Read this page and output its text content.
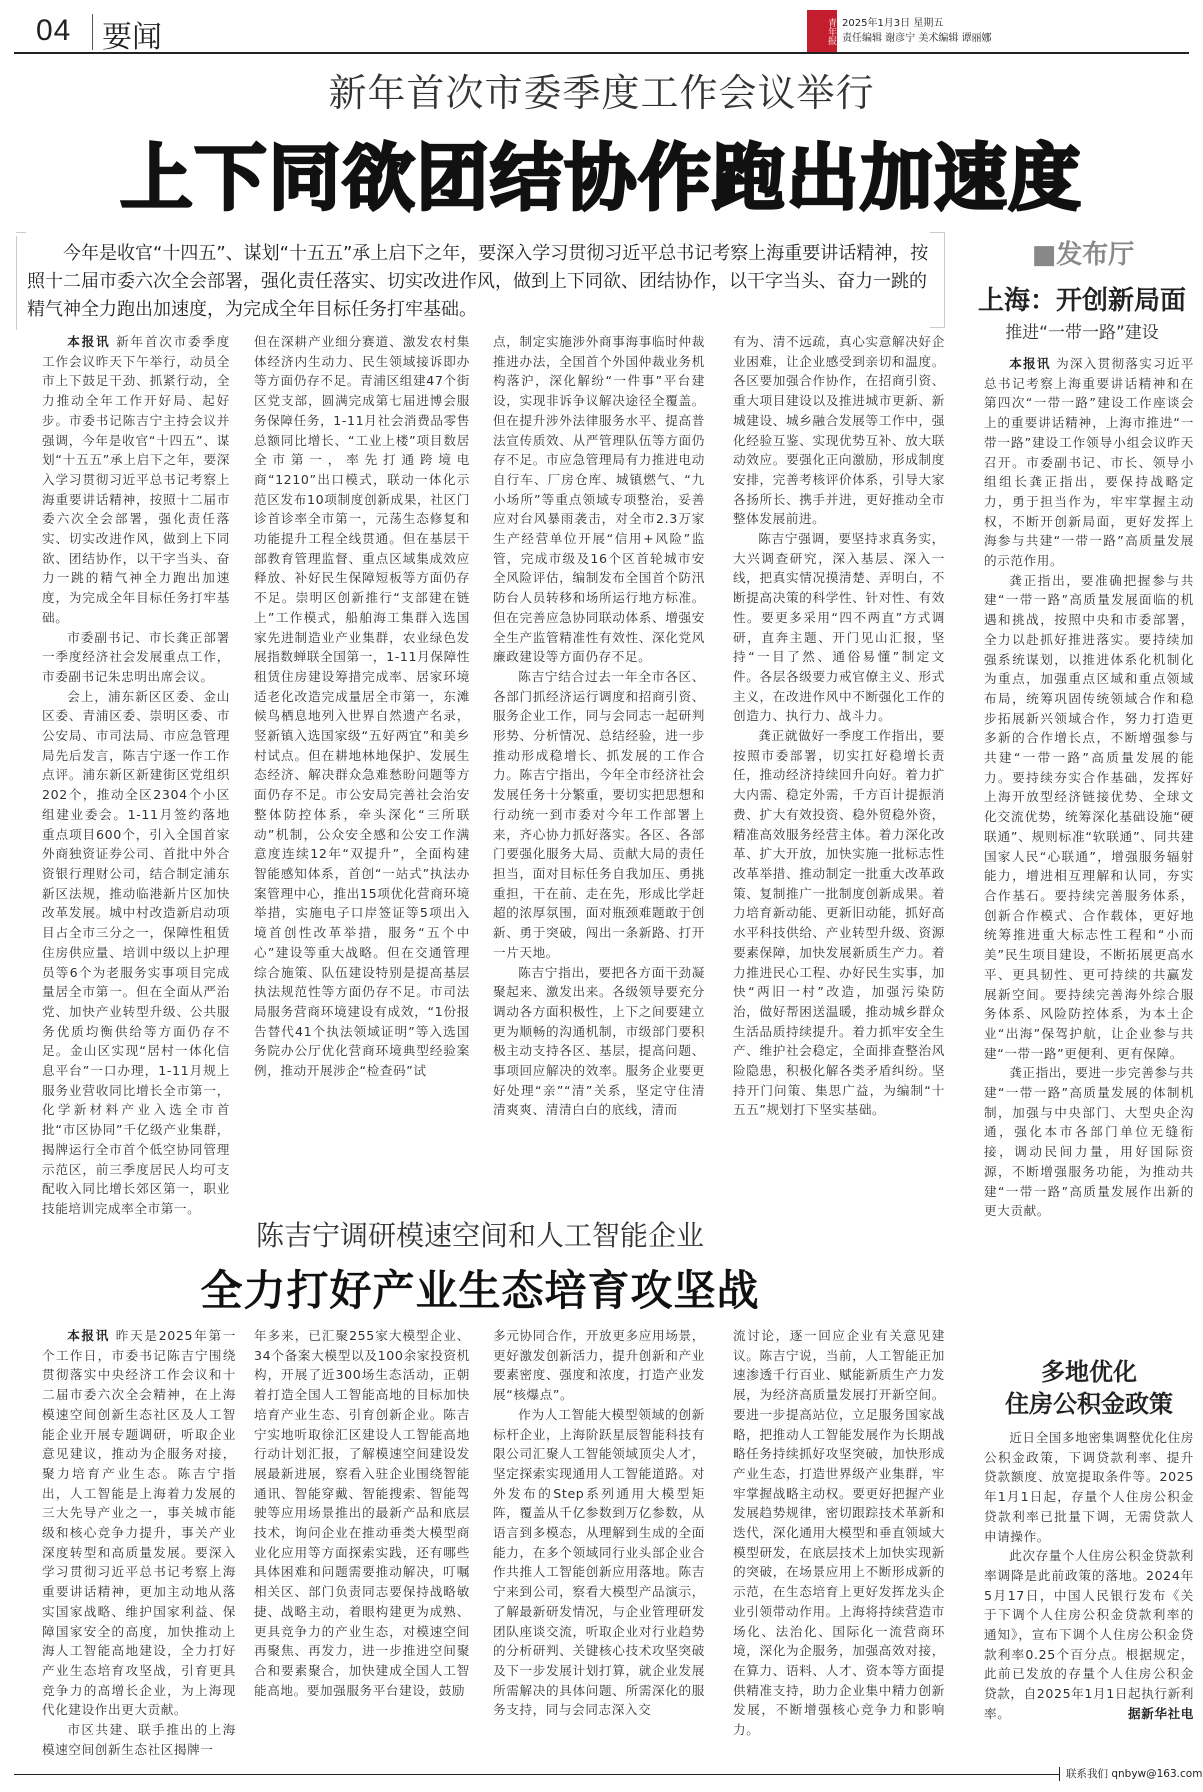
04 要闻	青年报 2025年1月3日 星期五
责任编辑 谢彦宁 美术编辑 谭丽娜
新年首次市委季度工作会议举行
上下同欲团结协作跑出加速度

今年是收官“十四五”、谋划“十五五”承上启下之年，要深入学习贯彻习近平总书记考察上海重要讲话精神，按照十二届市委六次全会部署，强化责任落实、切实改进作风，做到上下同欲、团结协作，以干字当头、奋力一跳的精气神全力跑出加速度，为完成全年目标任务打牢基础。

本报讯 新年首次市委季度工作会议昨天下午举行，动员全市上下鼓足干劲、抓紧行动，全力推动全年工作开好局、起好步。市委书记陈吉宁主持会议并强调，今年是收官“十四五”、谋划“十五五”承上启下之年，要深入学习贯彻习近平总书记考察上海重要讲话精神，按照十二届市委六次全会部署，强化责任落实、切实改进作风，做到上下同欲、团结协作，以干字当头、奋力一跳的精气神全力跑出加速度，为完成全年目标任务打牢基础。

市委副书记、市长龚正部署一季度经济社会发展重点工作，市委副书记朱忠明出席会议。

会上，浦东新区区委、金山区委、青浦区委、崇明区委、市公安局、市司法局、市应急管理局先后发言，陈吉宁逐一作工作点评。浦东新区新建街区党组织202个，推动全区2304个小区组建业委会。1-11月签约落地重点项目600个，引入全国首家外商独资证券公司、首批中外合资银行理财公司，结合制定浦东新区法规，推动临港新片区加快改革发展。城中村改造新启动项目占全市三分之一，保障性租赁住房供应量、培训中级以上护理员等6个为老服务实事项目完成量居全市第一。但在全面从严治党、加快产业转型升级、公共服务优质均衡供给等方面仍存不足。金山区实现“居村一体化信息平台”一口办理，1-11月规上服务业营收同比增长全市第一，化学新材料产业入选全市首批“市区协同”千亿级产业集群，揭牌运行全市首个低空协同管理示范区，前三季度居民人均可支配收入同比增长郊区第一，职业技能培训完成率全市第一。

但在深耕产业细分赛道、激发农村集体经济内生动力、民生领域接诉即办等方面仍存不足。青浦区组建47个街区党支部，圆满完成第七届进博会服务保障任务，1-11月社会消费品零售总额同比增长、“工业上楼”项目数居全市第一，率先打通跨境电商“1210”出口模式，联动一体化示范区发布10项制度创新成果，社区门诊首诊率全市第一，元荡生态修复和功能提升工程全线贯通。但在基层干部教育管理监督、重点区域集成效应释放、补好民生保障短板等方面仍存不足。崇明区创新推行“支部建在链上”工作模式，船舶海工集群入选国家先进制造业产业集群，农业绿色发展指数蝉联全国第一，1-11月保障性租赁住房建设筹措完成率、居家环境适老化改造完成量居全市第一，东滩候鸟栖息地列入世界自然遗产名录，竖新镇入选国家级“五好两宜”和美乡村试点。但在耕地林地保护、发展生态经济、解决群众急难愁盼问题等方面仍存不足。市公安局完善社会治安整体防控体系，牵头深化“三所联动”机制，公众安全感和公安工作满意度连续12年“双提升”，全面构建智能感知体系，首创“一站式”执法办案管理中心，推出15项优化营商环境举措，实施电子口岸签证等5项出入境首创性改革举措，服务“五个中心”建设等重大战略。但在交通管理综合施策、队伍建设特别是提高基层执法规范性等方面仍存不足。市司法局服务营商环境建设有成效，“1份报告替代41个执法领域证明”等入选国务院办公厅优化营商环境典型经验案例，推动开展涉企“检查码”试

点，制定实施涉外商事海事临时仲裁推进办法，全国首个外国仲裁业务机构落沪，深化解纷“一件事”平台建设，实现非诉争议解决途径全覆盖。但在提升涉外法律服务水平、提高普法宣传质效、从严管理队伍等方面仍存不足。市应急管理局有力推进电动自行车、厂房仓库、城镇燃气、“九小场所”等重点领域专项整治，妥善应对台风暴雨袭击，对全市2.3万家生产经营单位开展“信用+风险”监管，完成市级及16个区首轮城市安全风险评估，编制发布全国首个防汛防台人员转移和场所运行地方标准。但在完善应急协同联动体系、增强安全生产监管精准性有效性、深化党风廉政建设等方面仍存不足。

陈吉宁结合过去一年全市各区、各部门抓经济运行调度和招商引资、服务企业工作，同与会同志一起研判形势、分析情况、总结经验，进一步推动形成稳增长、抓发展的工作合力。陈吉宁指出，今年全市经济社会发展任务十分繁重，要切实把思想和行动统一到市委对今年工作部署上来，齐心协力抓好落实。各区、各部门要强化服务大局、贡献大局的责任担当，面对目标任务自我加压、勇挑重担，干在前、走在先，形成比学赶超的浓厚氛围，面对瓶颈难题敢于创新、勇于突破，闯出一条新路、打开一片天地。

陈吉宁指出，要把各方面干劲凝聚起来、激发出来。各级领导要充分调动各方面积极性，上下之间要建立更为顺畅的沟通机制，市级部门要积极主动支持各区、基层，提高问题、事项回应解决的效率。服务企业要更好处理“亲”“清”关系，坚定守住清清爽爽、清清白白的底线，清而

有为、清不远疏，真心实意解决好企业困难，让企业感受到亲切和温度。各区要加强合作协作，在招商引资、重大项目建设以及推进城市更新、新城建设、城乡融合发展等工作中，强化经验互鉴、实现优势互补、放大联动效应。要强化正向激励，形成制度安排，完善考核评价体系，引导大家各扬所长、携手并进，更好推动全市整体发展前进。

陈吉宁强调，要坚持求真务实，大兴调查研究，深入基层、深入一线，把真实情况摸清楚、弄明白，不断提高决策的科学性、针对性、有效性。要更多采用“四不两直”方式调研，直奔主题、开门见山汇报，坚持“一目了然、通俗易懂”制定文件。各层各级要力戒官僚主义、形式主义，在改进作风中不断强化工作的创造力、执行力、战斗力。

龚正就做好一季度工作指出，要按照市委部署，切实扛好稳增长责任，推动经济持续回升向好。着力扩大内需、稳定外需，千方百计提振消费、扩大有效投资、稳外贸稳外资，精准高效服务经营主体。着力深化改革、扩大开放，加快实施一批标志性改革举措、推动制定一批重大改革政策、复制推广一批制度创新成果。着力培育新动能、更新旧动能，抓好高水平科技供给、产业转型升级、资源要素保障，加快发展新质生产力。着力推进民心工程、办好民生实事，加快“两旧一村”改造，加强污染防治，做好帮困送温暖，推动城乡群众生活品质持续提升。着力抓牢安全生产、维护社会稳定，全面排查整治风险隐患，积极化解各类矛盾纠纷。坚持开门问策、集思广益，为编制“十五五”规划打下坚实基础。

■发布厅
上海：开创新局面
推进“一带一路”建设

本报讯 为深入贯彻落实习近平总书记考察上海重要讲话精神和在第四次“一带一路”建设工作座谈会上的重要讲话精神，上海市推进“一带一路”建设工作领导小组会议昨天召开。市委副书记、市长、领导小组组长龚正指出，要保持战略定力，勇于担当作为，牢牢掌握主动权，不断开创新局面，更好发挥上海参与共建“一带一路”高质量发展的示范作用。

龚正指出，要准确把握参与共建“一带一路”高质量发展面临的机遇和挑战，按照中央和市委部署，全力以赴抓好推进落实。要持续加强系统谋划，以推进体系化机制化为重点，加强重点区域和重点领域布局，统筹巩固传统领域合作和稳步拓展新兴领域合作，努力打造更多新的合作增长点，不断增强参与共建“一带一路”高质量发展的能力。要持续夯实合作基础，发挥好上海开放型经济链接优势、全球文化交流优势，统筹深化基础设施“硬联通”、规则标准“软联通”、同共建国家人民“心联通”，增强服务辐射能力，增进相互理解和认同，夯实合作基石。要持续完善服务体系，创新合作模式、合作载体，更好地统筹推进重大标志性工程和“小而美”民生项目建设，不断拓展更高水平、更具韧性、更可持续的共赢发展新空间。要持续完善海外综合服务体系、风险防控体系，为本土企业“出海”保驾护航，让企业参与共建“一带一路”更便利、更有保障。

龚正指出，要进一步完善参与共建“一带一路”高质量发展的体制机制，加强与中央部门、大型央企沟通，强化本市各部门单位无缝衔接，调动民间力量，用好国际资源，不断增强服务功能，为推动共建“一带一路”高质量发展作出新的更大贡献。

陈吉宁调研模速空间和人工智能企业
全力打好产业生态培育攻坚战

本报讯 昨天是2025年第一个工作日，市委书记陈吉宁围绕贯彻落实中央经济工作会议和十二届市委六次全会精神，在上海模速空间创新生态社区及人工智能企业开展专题调研，听取企业意见建议，推动为企服务对接，聚力培育产业生态。陈吉宁指出，人工智能是上海着力发展的三大先导产业之一，事关城市能级和核心竞争力提升，事关产业深度转型和高质量发展。要深入学习贯彻习近平总书记考察上海重要讲话精神，更加主动地从落实国家战略、维护国家利益、保障国家安全的高度，加快推动上海人工智能高地建设，全力打好产业生态培育攻坚战，引育更具竞争力的高增长企业，为上海现代化建设作出更大贡献。

市区共建、联手推出的上海模速空间创新生态社区揭牌一

年多来，已汇聚255家大模型企业、34个备案大模型以及100余家投资机构，开展了近300场生态活动，正朝着打造全国人工智能高地的目标加快培育产业生态、引育创新企业。陈吉宁实地听取徐汇区建设人工智能高地行动计划汇报，了解模速空间建设发展最新进展，察看入驻企业围绕智能通讯、智能穿戴、智能搜索、智能驾驶等应用场景推出的最新产品和底层技术，询问企业在推动垂类大模型商业化应用等方面探索实践，还有哪些具体困难和问题需要推动解决，叮嘱相关区、部门负责同志要保持战略敏捷、战略主动，着眼构建更为成熟、更具竞争力的产业生态，对模速空间再聚焦、再发力，进一步推进空间聚合和要素聚合，加快建成全国人工智能高地。要加强服务平台建设，鼓励

多元协同合作，开放更多应用场景，更好激发创新活力，提升创新和产业要素密度、强度和浓度，打造产业发展“核爆点”。

作为人工智能大模型领域的创新标杆企业，上海阶跃星辰智能科技有限公司汇聚人工智能领域顶尖人才，坚定探索实现通用人工智能道路。对外发布的Step系列通用大模型矩阵，覆盖从千亿参数到万亿参数，从语言到多模态，从理解到生成的全面能力，在多个领域同行业头部企业合作共推人工智能创新应用落地。陈吉宁来到公司，察看大模型产品演示，了解最新研发情况，与企业管理研发团队座谈交流，听取企业对行业趋势的分析研判、关键核心技术攻坚突破及下一步发展计划打算，就企业发展所需解决的具体问题、所需深化的服务支持，同与会同志深入交

流讨论，逐一回应企业有关意见建议。陈吉宁说，当前，人工智能正加速渗透千行百业、赋能新质生产力发展，为经济高质量发展打开新空间。要进一步提高站位，立足服务国家战略，把推动人工智能发展作为长期战略任务持续抓好攻坚突破，加快形成产业生态，打造世界级产业集群，牢牢掌握战略主动权。要更好把握产业发展趋势规律，密切跟踪技术革新和迭代，深化通用大模型和垂直领域大模型研发，在底层技术上加快实现新的突破，在场景应用上不断形成新的示范，在生态培育上更好发挥龙头企业引领带动作用。上海将持续营造市场化、法治化、国际化一流营商环境，深化为企服务，加强高效对接，在算力、语料、人才、资本等方面提供精准支持，助力企业集中精力创新发展，不断增强核心竞争力和影响力。

多地优化
住房公积金政策

近日全国多地密集调整优化住房公积金政策，下调贷款利率、提升贷款额度、放宽提取条件等。2025年1月1日起，存量个人住房公积金贷款利率已批量下调，无需贷款人申请操作。

此次存量个人住房公积金贷款利率调降是此前政策的落地。2024年5月17日，中国人民银行发布《关于下调个人住房公积金贷款利率的通知》，宣布下调个人住房公积金贷款利率0.25个百分点。根据规定，此前已发放的存量个人住房公积金贷款，自2025年1月1日起执行新利率。	据新华社电

联系我们 qnbyw@163.com
